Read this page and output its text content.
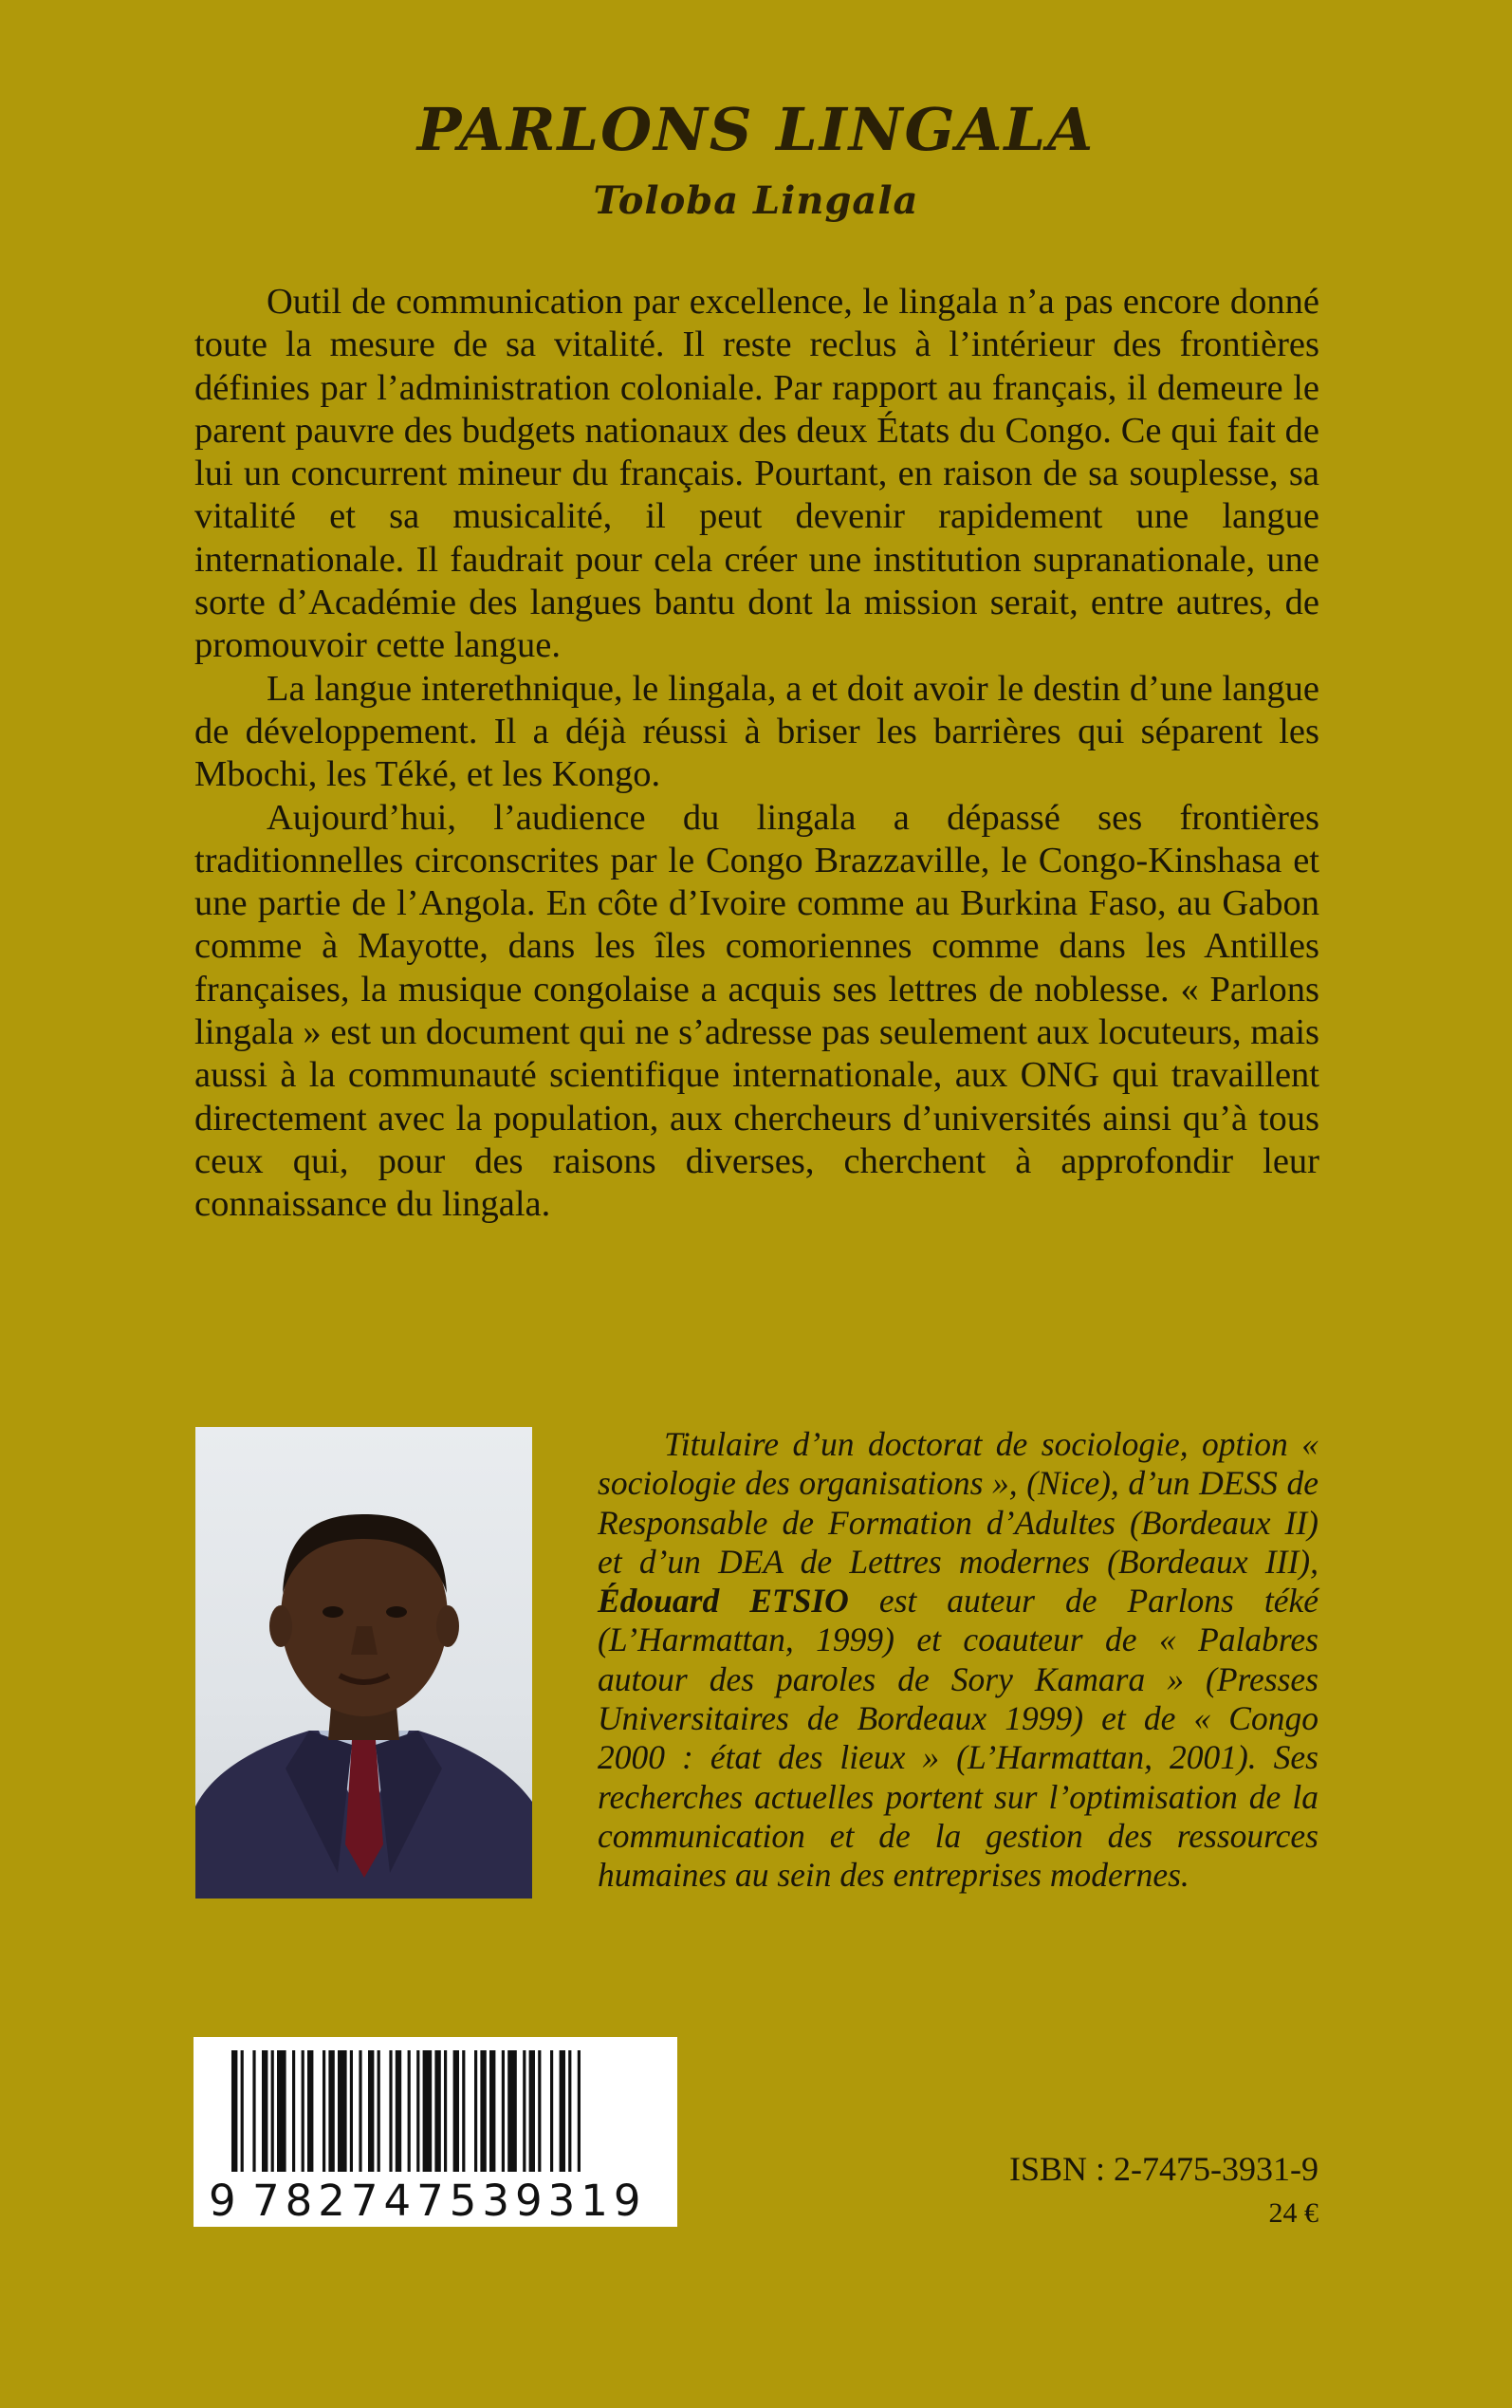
PARLONS LINGALA
Toloba Lingala

Outil de communication par excellence, le lingala n’a pas encore donné toute la mesure de sa vitalité. Il reste reclus à l’intérieur des frontières définies par l’administration coloniale. Par rapport au français, il demeure le parent pauvre des budgets nationaux des deux États du Congo. Ce qui fait de lui un concurrent mineur du français. Pourtant, en raison de sa souplesse, sa vitalité et sa musicalité, il peut devenir rapidement une langue internationale. Il faudrait pour cela créer une institution supranationale, une sorte d’Académie des langues bantu dont la mission serait, entre autres, de promouvoir cette langue.

La langue interethnique, le lingala, a et doit avoir le destin d’une langue de développement. Il a déjà réussi à briser les barrières qui séparent les Mbochi, les Téké, et les Kongo.

Aujourd’hui, l’audience du lingala a dépassé ses frontières traditionnelles circonscrites par le Congo Brazzaville, le Congo-Kinshasa et une partie de l’Angola. En côte d’Ivoire comme au Burkina Faso, au Gabon comme à Mayotte, dans les îles comoriennes comme dans les Antilles françaises, la musique congolaise a acquis ses lettres de noblesse. « Parlons lingala » est un document qui ne s’adresse pas seulement aux locuteurs, mais aussi à la communauté scientifique internationale, aux ONG qui travaillent directement avec la population, aux chercheurs d’universités ainsi qu’à tous ceux qui, pour des raisons diverses, cherchent à approfondir leur connaissance du lingala.

Titulaire d’un doctorat de sociologie, option « sociologie des organisations », (Nice), d’un DESS de Responsable de Formation d’Adultes (Bordeaux II) et d’un DEA de Lettres modernes (Bordeaux III), Édouard ETSIO est auteur de Parlons téké (L’Harmattan, 1999) et coauteur de « Palabres autour des paroles de Sory Kamara » (Presses Universitaires de Bordeaux 1999) et de « Congo 2000 : état des lieux » (L’Harmattan, 2001). Ses recherches actuelles portent sur l’optimisation de la communication et de la gestion des ressources humaines au sein des entreprises modernes.

9 782747539319
ISBN : 2-7475-3931-9
24 €
